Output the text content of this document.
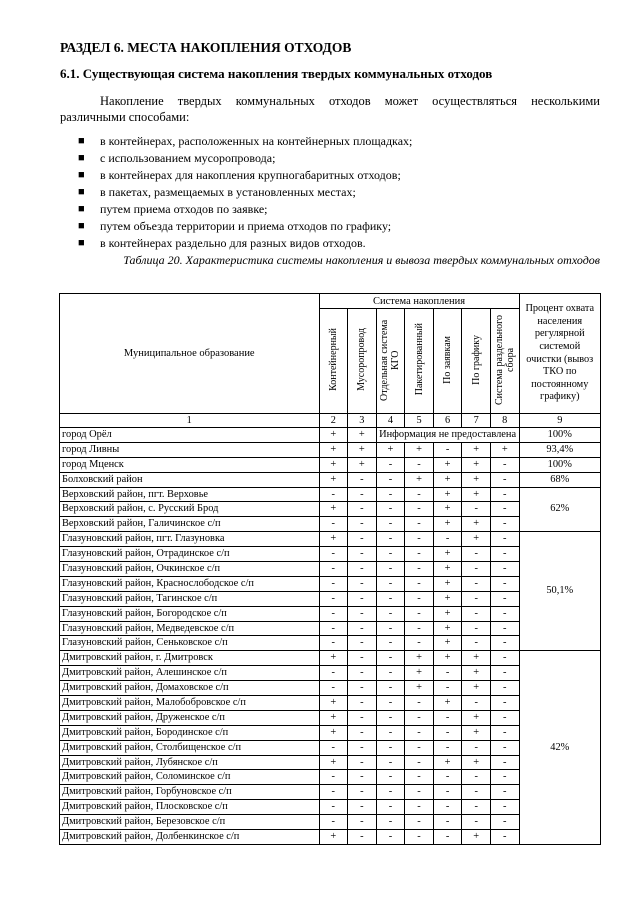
РАЗДЕЛ 6. МЕСТА НАКОПЛЕНИЯ ОТХОДОВ
6.1. Существующая система накопления твердых коммунальных отходов

Накопление твердых коммунальных отходов может осуществляться несколькими различными способами:

■ в контейнерах, расположенных на контейнерных площадках;
■ с использованием мусоропровода;
■ в контейнерах для накопления крупногабаритных отходов;
■ в пакетах, размещаемых в установленных местах;
■ путем приема отходов по заявке;
■ путем объезда территории и приема отходов по графику;
■ в контейнерах раздельно для разных видов отходов.

Таблица 20. Характеристика системы накопления и вывоза твердых коммунальных отходов

Муниципальное образование	Система накопления							Процент охвата населения регулярной системой очистки (вывоз ТКО по постоянному графику)
	Контейнерный	Мусоропровод	Отдельная система КГО	Пакетированный	По заявкам	По графику	Система раздельного сбора	
1	2	3	4	5	6	7	8	9
город Орёл	+	+	Информация не предоставлена					100%
город Ливны	+	+	+	+	-	+	+	93,4%
город Мценск	+	+	-	-	+	+	-	100%
Болховский район	+	-	-	+	+	+	-	68%
Верховский район, пгт. Верховье	-	-	-	-	+	+	-	62%
Верховский район, с. Русский Брод	+	-	-	-	+	-	-	
Верховский район, Галичинское с/п	-	-	-	-	+	+	-	
Глазуновский район, пгт. Глазуновка	+	-	-	-	-	+	-	50,1%
Глазуновский район, Отрадинское с/п	-	-	-	-	+	-	-	
Глазуновский район, Очкинское с/п	-	-	-	-	+	-	-	
Глазуновский район, Краснослободское с/п	-	-	-	-	+	-	-	
Глазуновский район, Тагинское с/п	-	-	-	-	+	-	-	
Глазуновский район, Богородское с/п	-	-	-	-	+	-	-	
Глазуновский район, Медведевское с/п	-	-	-	-	+	-	-	
Глазуновский район, Сеньковское с/п	-	-	-	-	+	-	-	
Дмитровский район, г. Дмитровск	+	-	-	+	+	+	-	42%
Дмитровский район, Алешинское с/п	-	-	-	+	-	+	-	
Дмитровский район, Домаховское с/п	-	-	-	+	-	+	-	
Дмитровский район, Малобобровское с/п	+	-	-	-	+	-	-	
Дмитровский район, Друженское с/п	+	-	-	-	-	+	-	
Дмитровский район, Бородинское с/п	+	-	-	-	-	+	-	
Дмитровский район, Столбищенское с/п	-	-	-	-	-	-	-	
Дмитровский район, Лубянское с/п	+	-	-	-	+	+	-	
Дмитровский район, Соломинское с/п	-	-	-	-	-	-	-	
Дмитровский район, Горбуновское с/п	-	-	-	-	-	-	-	
Дмитровский район, Плосковское с/п	-	-	-	-	-	-	-	
Дмитровский район, Березовское с/п	-	-	-	-	-	-	-	
Дмитровский район, Долбенкинское с/п	+	-	-	-	-	+	-	
